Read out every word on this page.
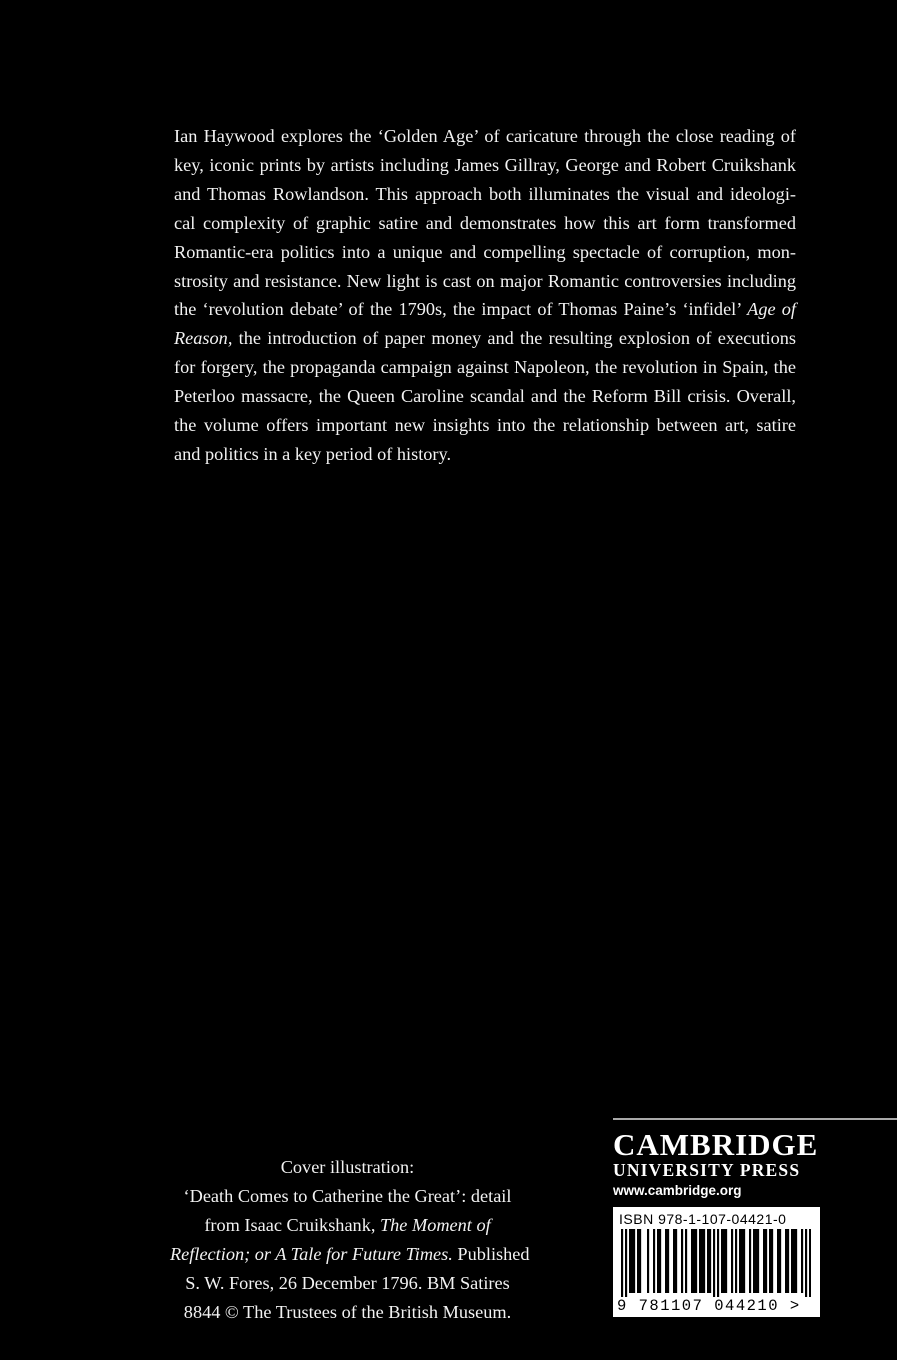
Ian Haywood explores the ‘Golden Age’ of caricature through the close reading of
key, iconic prints by artists including James Gillray, George and Robert Cruikshank
and Thomas Rowlandson. This approach both illuminates the visual and ideologi-
cal complexity of graphic satire and demonstrates how this art form transformed
Romantic-era politics into a unique and compelling spectacle of corruption, mon-
strosity and resistance. New light is cast on major Romantic controversies including
the ‘revolution debate’ of the 1790s, the impact of Thomas Paine’s ‘infidel’ Age of
Reason, the introduction of paper money and the resulting explosion of executions
for forgery, the propaganda campaign against Napoleon, the revolution in Spain, the
Peterloo massacre, the Queen Caroline scandal and the Reform Bill crisis. Overall,
the volume offers important new insights into the relationship between art, satire
and politics in a key period of history.
Cover illustration:
‘Death Comes to Catherine the Great’: detail
from Isaac Cruikshank, The Moment of
Reflection; or A Tale for Future Times. Published
S. W. Fores, 26 December 1796. BM Satires
8844 © The Trustees of the British Museum.
CAMBRIDGE
UNIVERSITY PRESS
www.cambridge.org
ISBN 978-1-107-04421-0
9 781107 044210 >
